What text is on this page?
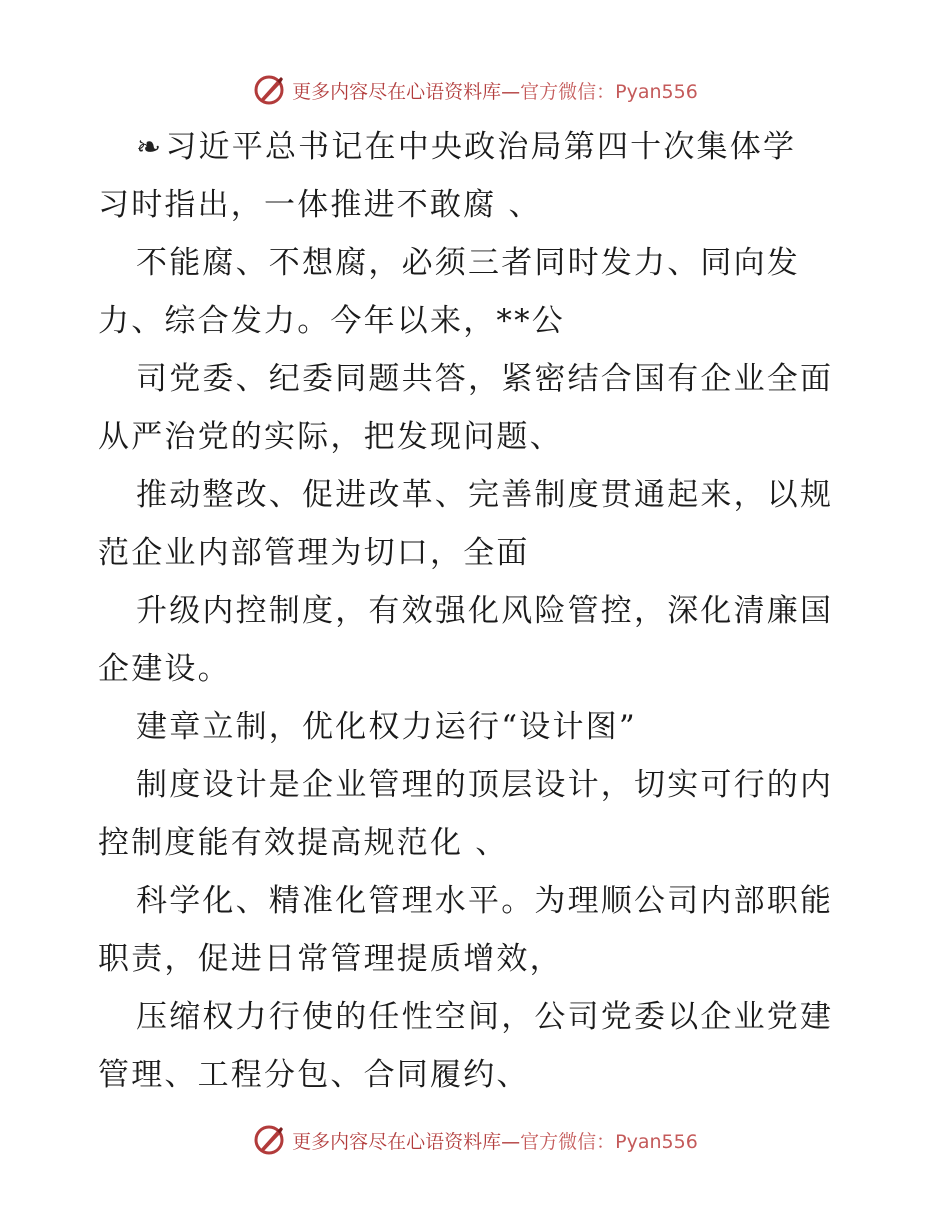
更多内容尽在心语资料库— 官方微信：Pyan556
❧习近平总书记在中央政治局第四十次集体学
习时指出，一体推进不敢腐 、
不能腐、不想腐，必须三者同时发力、同向发
力、综合发力。今年以来，**公
司党委、纪委同题共答，紧密结合国有企业全面
从严治党的实际，把发现问题、
推动整改、促进改革、完善制度贯通起来，以规
范企业内部管理为切口，全面
升级内控制度，有效强化风险管控，深化清廉国
企建设。
建章立制，优化权力运行“设计图”
制度设计是企业管理的顶层设计，切实可行的内
控制度能有效提高规范化 、
科学化、精准化管理水平。为理顺公司内部职能
职责，促进日常管理提质增效，
压缩权力行使的任性空间，公司党委以企业党建
管理、工程分包、合同履约、
更多内容尽在心语资料库— 官方微信：Pyan556
